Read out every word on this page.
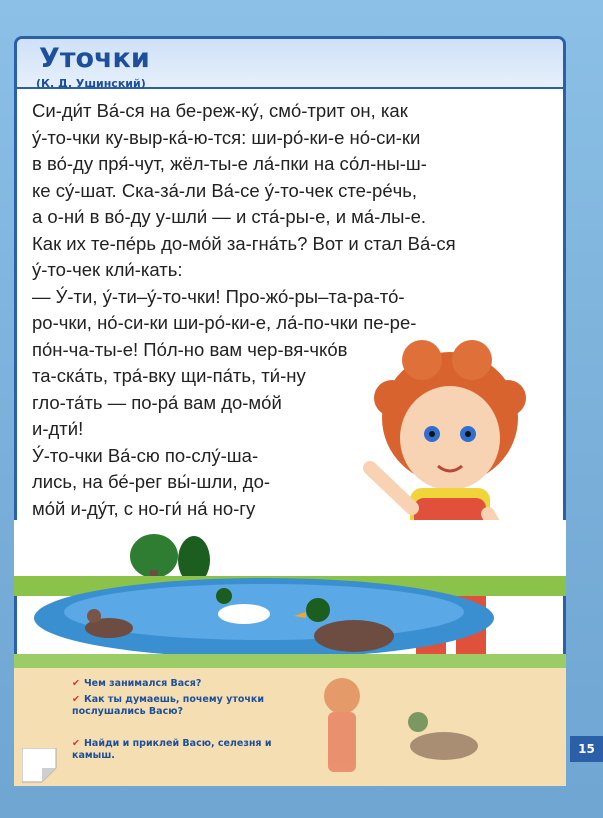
Уточки
(К. Д. Ушинский)
Си-ди́т Ва́-ся на бе-реж-ку́, смо́-трит он, как
у́-то-чки ку-выр-ка́-ю-тся: ши-ро́-ки-е но́-си-ки
в во́-ду пря́-чут, жёл-ты-е ла́-пки на со́л-ны-ш-
ке су́-шат. Ска-за́-ли Ва́-се у́-то-чек сте-ре́чь,
а о-ни́ в во́-ду у-шли́ — и ста́-ры-е, и ма́-лы-е.
Как их те-пе́рь до-мо́й за-гна́ть? Вот и стал Ва́-ся
у́-то-чек кли́-кать:
— У́-ти, у́-ти–у́-то-чки! Про-жо́-ры–та-ра-то́-
ро-чки, но́-си-ки ши-ро́-ки-е, ла́-по-чки пе-ре-
по́н-ча-ты-е! По́л-но вам чер-вя-чко́в
та-ска́ть, тра́-вку щи-па́ть, ти́-ну
гло-та́ть — по-ра́ вам до-мо́й
и-дти́!
У́-то-чки Ва́-сю по-слу́-ша-
лись, на бе́-рег вы́-шли, до-
мо́й и-ду́т, с но-ги́ на́ но-гу
✔ Чем занимался Вася?
✔ Как ты думаешь, почему уточки послушались Васю?
✔ Найди и приклей Васю, селезня и камыш.	15
